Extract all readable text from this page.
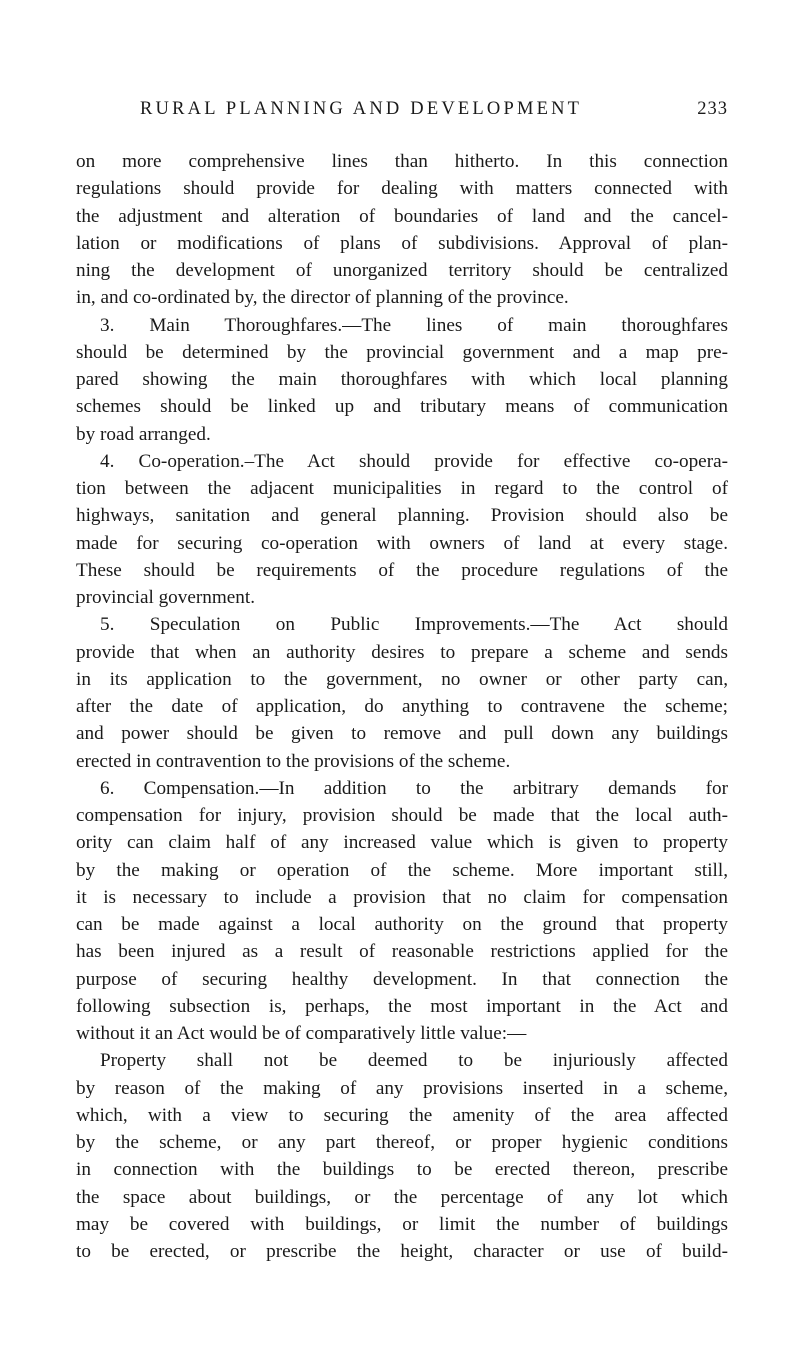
RURAL PLANNING AND DEVELOPMENT	233
on more comprehensive lines than hitherto. In this connection
regulations should provide for dealing with matters connected with
the adjustment and alteration of boundaries of land and the cancel-
lation or modifications of plans of subdivisions. Approval of plan-
ning the development of unorganized territory should be centralized
in, and co-ordinated by, the director of planning of the province.
3. Main Thoroughfares.—The lines of main thoroughfares
should be determined by the provincial government and a map pre-
pared showing the main thoroughfares with which local planning
schemes should be linked up and tributary means of communication
by road arranged.
4. Co-operation.–The Act should provide for effective co-opera-
tion between the adjacent municipalities in regard to the control of
highways, sanitation and general planning. Provision should also be
made for securing co-operation with owners of land at every stage.
These should be requirements of the procedure regulations of the
provincial government.
5. Speculation on Public Improvements.—The Act should
provide that when an authority desires to prepare a scheme and sends
in its application to the government, no owner or other party can,
after the date of application, do anything to contravene the scheme;
and power should be given to remove and pull down any buildings
erected in contravention to the provisions of the scheme.
6. Compensation.—In addition to the arbitrary demands for
compensation for injury, provision should be made that the local auth-
ority can claim half of any increased value which is given to property
by the making or operation of the scheme. More important still,
it is necessary to include a provision that no claim for compensation
can be made against a local authority on the ground that property
has been injured as a result of reasonable restrictions applied for the
purpose of securing healthy development. In that connection the
following subsection is, perhaps, the most important in the Act and
without it an Act would be of comparatively little value:—
Property shall not be deemed to be injuriously affected
by reason of the making of any provisions inserted in a scheme,
which, with a view to securing the amenity of the area affected
by the scheme, or any part thereof, or proper hygienic conditions
in connection with the buildings to be erected thereon, prescribe
the space about buildings, or the percentage of any lot which
may be covered with buildings, or limit the number of buildings
to be erected, or prescribe the height, character or use of build-
